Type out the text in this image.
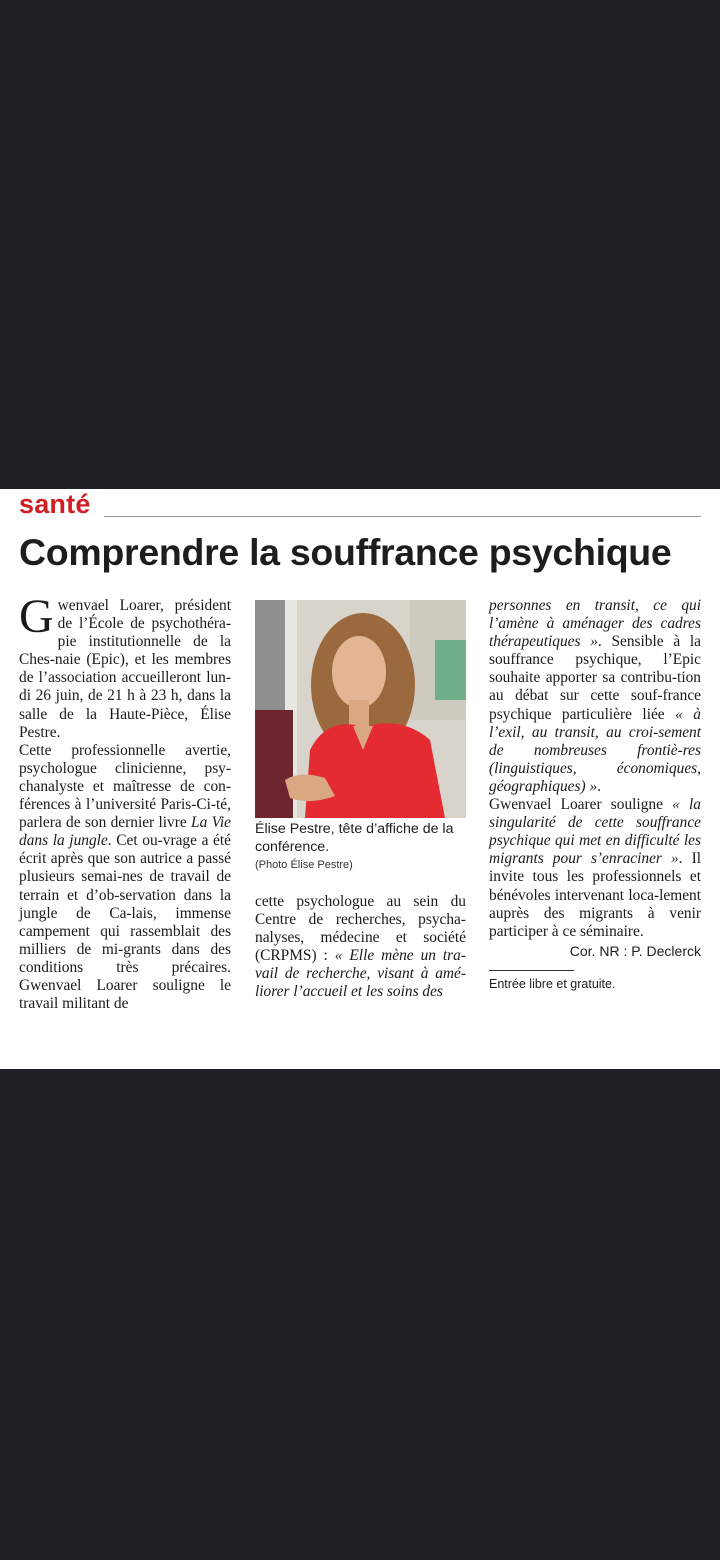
santé
Comprendre la souffrance psychique

Gwenvael Loarer, président de l’École de psychothéra-pie institutionnelle de la Ches-naie (Epic), et les membres de l’association accueilleront lun-di 26 juin, de 21 h à 23 h, dans la salle de la Haute-Pièce, Élise Pestre.

Cette professionnelle avertie, psychologue clinicienne, psy-chanalyste et maîtresse de con-férences à l’université Paris-Ci-té, parlera de son dernier livre La Vie dans la jungle. Cet ou-vrage a été écrit après que son autrice a passé plusieurs semai-nes de travail de terrain et d’ob-servation dans la jungle de Ca-lais, immense campement qui rassemblait des milliers de mi-grants dans des conditions très précaires. Gwenvael Loarer souligne le travail militant de

Élise Pestre, tête d’affiche de la conférence.
(Photo Élise Pestre)

cette psychologue au sein du Centre de recherches, psycha-nalyses, médecine et société (CRPMS) : « Elle mène un tra-vail de recherche, visant à amé-liorer l’accueil et les soins des

personnes en transit, ce qui l’amène à aménager des cadres thérapeutiques ». Sensible à la souffrance psychique, l’Epic souhaite apporter sa contribu-tion au débat sur cette souf-france psychique particulière liée « à l’exil, au transit, au croi-sement de nombreuses frontiè-res (linguistiques, économiques, géographiques) ».

Gwenvael Loarer souligne « la singularité de cette souffrance psychique qui met en difficulté les migrants pour s’enraciner ». Il invite tous les professionnels et bénévoles intervenant loca-lement auprès des migrants à venir participer à ce séminaire.

Cor. NR : P. Declerck
Entrée libre et gratuite.
